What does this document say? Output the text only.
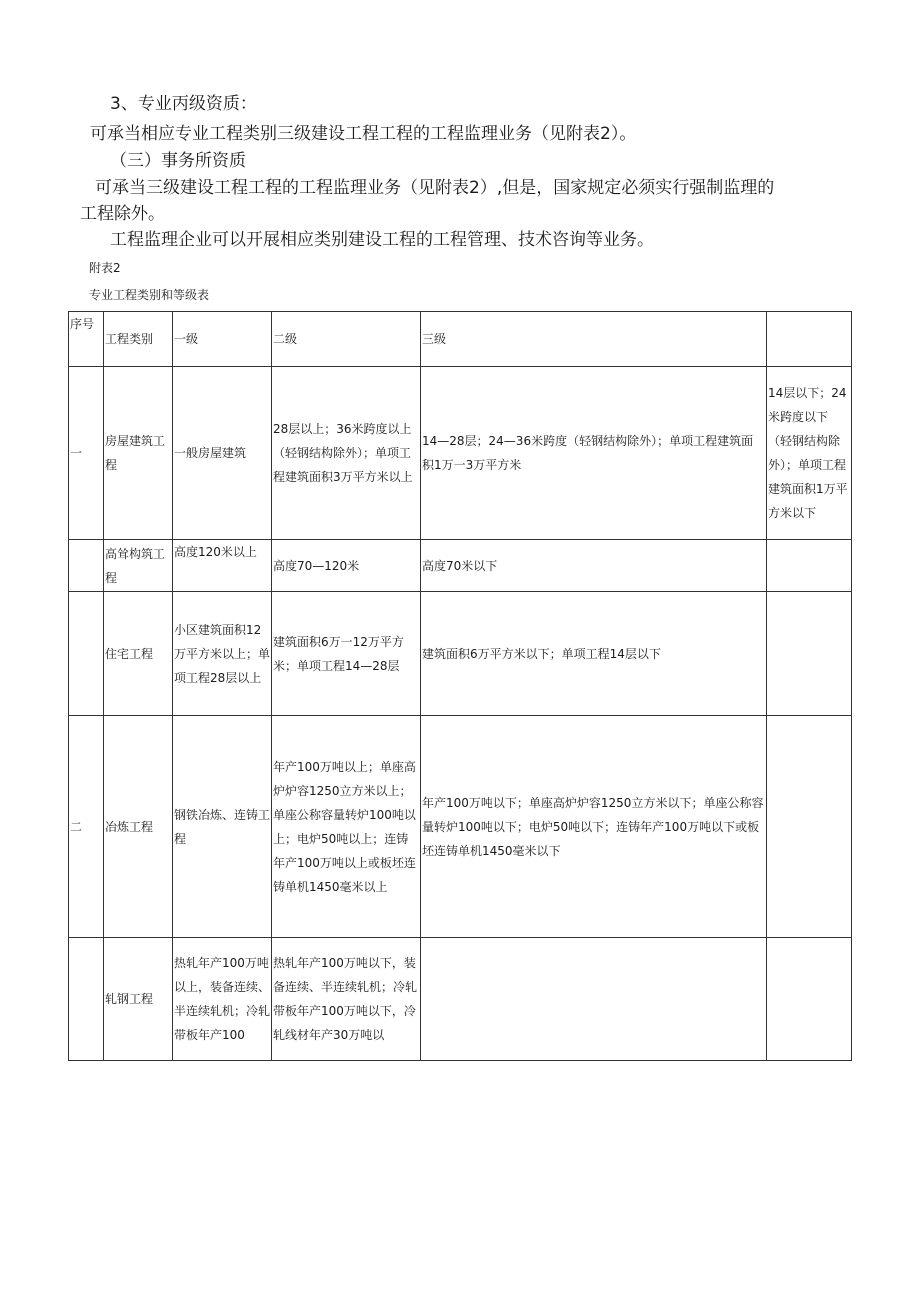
3、专业丙级资质：
可承当相应专业工程类别三级建设工程工程的工程监理业务（见附表2）。
（三）事务所资质
可承当三级建设工程工程的工程监理业务（见附表2）,但是，国家规定必须实行强制监理的
工程除外。
工程监理企业可以开展相应类别建设工程的工程管理、技术咨询等业务。
附表2
专业工程类别和等级表
序号	工程类别	一级	二级	三级	
一	房屋建筑工程	一般房屋建筑	28层以上；36米跨度以上（轻钢结构除外）；单项工程建筑面积3万平方米以上	14—28层；24—36米跨度（轻钢结构除外）；单项工程建筑面积1万一3万平方米	14层以下；24米跨度以下（轻钢结构除外）；单项工程建筑面积1万平方米以下
	高耸构筑工程	高度120米以上	高度70—120米	高度70米以下	
	住宅工程	小区建筑面积12万平方米以上；单项工程28层以上	建筑面积6万一12万平方米；单项工程14—28层	建筑面积6万平方米以下；单项工程14层以下	
二	冶炼工程	钢铁冶炼、连铸工程	年产100万吨以上；单座高炉炉容1250立方米以上；单座公称容量转炉100吨以上；电炉50吨以上；连铸年产100万吨以上或板坯连铸单机1450毫米以上	年产100万吨以下；单座高炉炉容1250立方米以下；单座公称容量转炉100吨以下；电炉50吨以下；连铸年产100万吨以下或板坯连铸单机1450毫米以下	
	轧钢工程	热轧年产100万吨以上，装备连续、半连续轧机；冷轧带板年产100	热轧年产100万吨以下，装备连续、半连续轧机；冷轧带板年产100万吨以下，冷轧线材年产30万吨以		
